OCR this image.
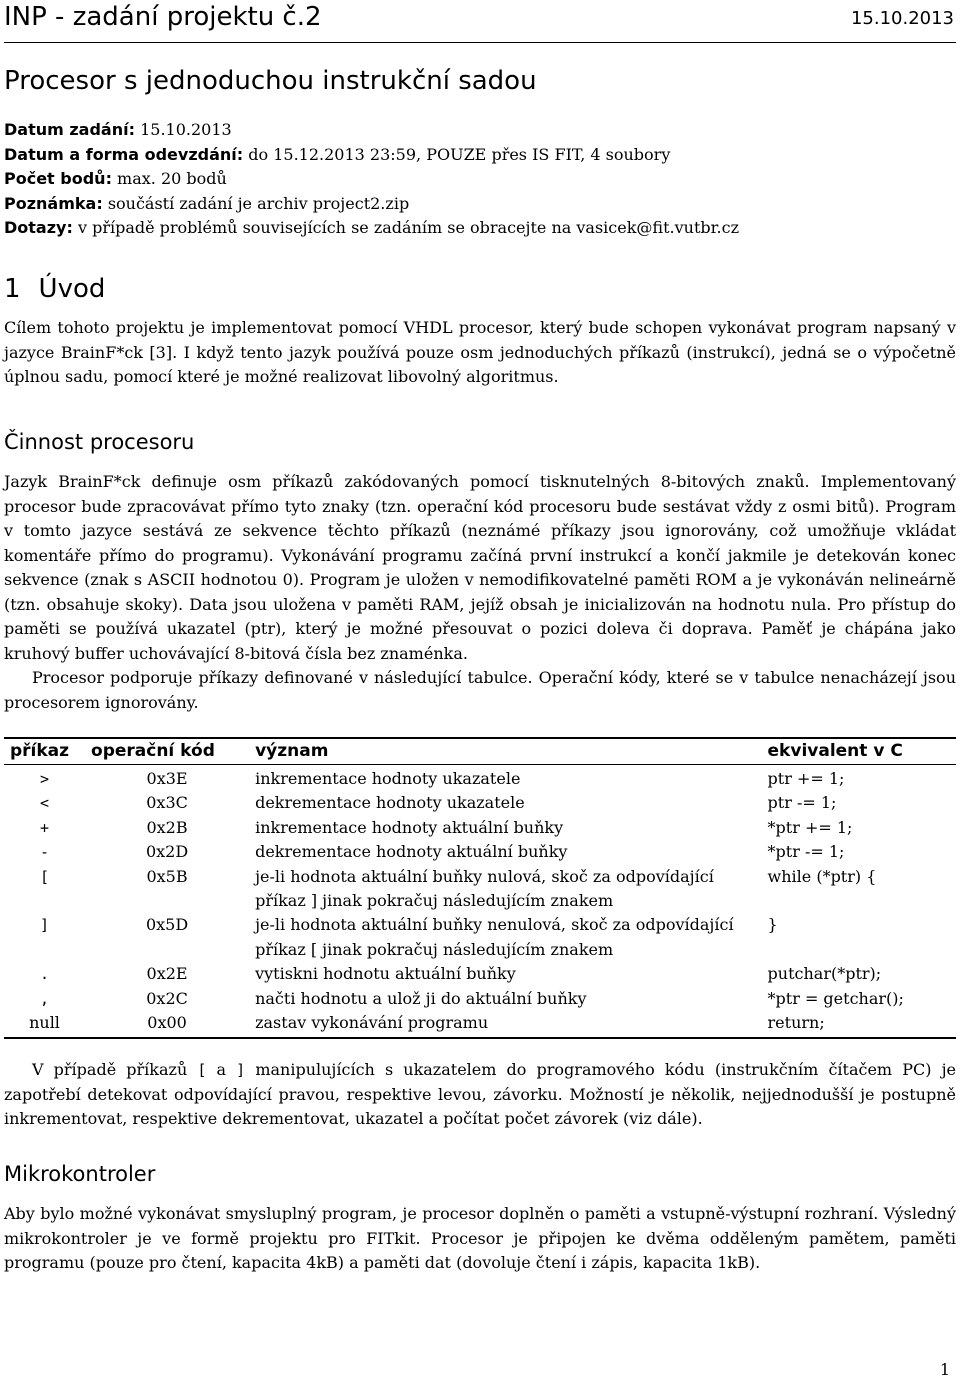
INP - zadání projektu č.2	15.10.2013
Procesor s jednoduchou instrukční sadou
Datum zadání: 15.10.2013
Datum a forma odevzdání: do 15.12.2013 23:59, POUZE přes IS FIT, 4 soubory
Počet bodů: max. 20 bodů
Poznámka: součástí zadání je archiv project2.zip
Dotazy: v případě problémů souvisejících se zadáním se obracejte na vasicek@fit.vutbr.cz
1 Úvod

Cílem tohoto projektu je implementovat pomocí VHDL procesor, který bude schopen vykonávat program napsaný v jazyce BrainF*ck [3]. I když tento jazyk používá pouze osm jednoduchých příkazů (instrukcí), jedná se o výpočetně úplnou sadu, pomocí které je možné realizovat libovolný algoritmus.

Činnost procesoru

Jazyk BrainF*ck definuje osm příkazů zakódovaných pomocí tisknutelných 8-bitových znaků. Implementovaný procesor bude zpracovávat přímo tyto znaky (tzn. operační kód procesoru bude sestávat vždy z osmi bitů). Program v tomto jazyce sestává ze sekvence těchto příkazů (neznámé příkazy jsou ignorovány, což umožňuje vkládat komentáře přímo do programu). Vykonávání programu začíná první instrukcí a končí jakmile je detekován konec sekvence (znak s ASCII hodnotou 0). Program je uložen v nemodifikovatelné paměti ROM a je vykonáván nelineárně (tzn. obsahuje skoky). Data jsou uložena v paměti RAM, jejíž obsah je inicializován na hodnotu nula. Pro přístup do paměti se používá ukazatel (ptr), který je možné přesouvat o pozici doleva či doprava. Paměť je chápána jako kruhový buffer uchovávající 8-bitová čísla bez znaménka.

Procesor podporuje příkazy definované v následující tabulce. Operační kódy, které se v tabulce nenacházejí jsou procesorem ignorovány.

příkaz	operační kód	význam	ekvivalent v C
>	0x3E	inkrementace hodnoty ukazatele	ptr += 1;
<	0x3C	dekrementace hodnoty ukazatele	ptr -= 1;
+	0x2B	inkrementace hodnoty aktuální buňky	*ptr += 1;
-	0x2D	dekrementace hodnoty aktuální buňky	*ptr -= 1;
[	0x5B	je-li hodnota aktuální buňky nulová, skoč za odpovídající příkaz ] jinak pokračuj následujícím znakem	while (*ptr) {
]	0x5D	je-li hodnota aktuální buňky nenulová, skoč za odpovídající příkaz [ jinak pokračuj následujícím znakem	}
.	0x2E	vytiskni hodnotu aktuální buňky	putchar(*ptr);
,	0x2C	načti hodnotu a ulož ji do aktuální buňky	*ptr = getchar();
null	0x00	zastav vykonávání programu	return;

V případě příkazů [ a ] manipulujících s ukazatelem do programového kódu (instrukčním čítačem PC) je zapotřebí detekovat odpovídající pravou, respektive levou, závorku. Možností je několik, nejjednodušší je postupně inkrementovat, respektive dekrementovat, ukazatel a počítat počet závorek (viz dále).

Mikrokontroler

Aby bylo možné vykonávat smysluplný program, je procesor doplněn o paměti a vstupně-výstupní rozhraní. Výsledný mikrokontroler je ve formě projektu pro FITkit. Procesor je připojen ke dvěma odděleným pamětem, paměti programu (pouze pro čtení, kapacita 4kB) a paměti dat (dovoluje čtení i zápis, kapacita 1kB).

1
